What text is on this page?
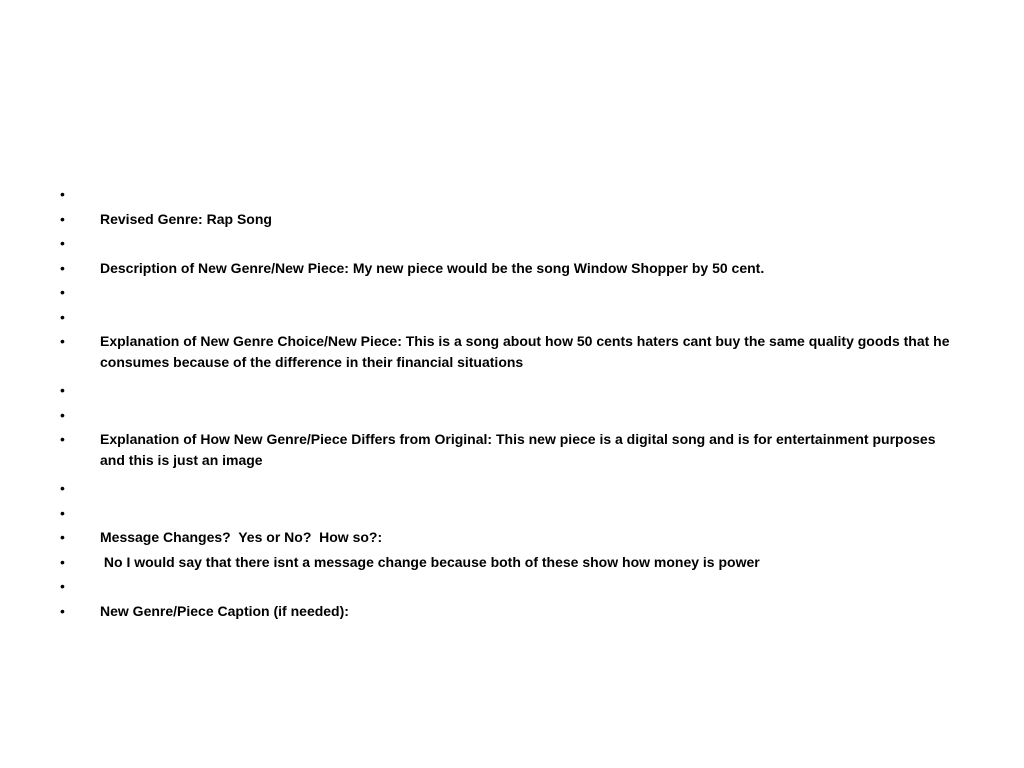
•
•	Revised Genre: Rap Song
•
•	Description of New Genre/New Piece: My new piece would be the song Window Shopper by 50 cent.
•
•
•	Explanation of New Genre Choice/New Piece: This is a song about how 50 cents haters cant buy the same quality goods that he consumes because of the difference in their financial situations
•
•
•	Explanation of How New Genre/Piece Differs from Original: This new piece is a digital song and is for entertainment purposes and this is just an image
•
•
•	Message Changes?  Yes or No?  How so?:
•	No I would say that there isnt a message change because both of these show how money is power
•
•	New Genre/Piece Caption (if needed):
